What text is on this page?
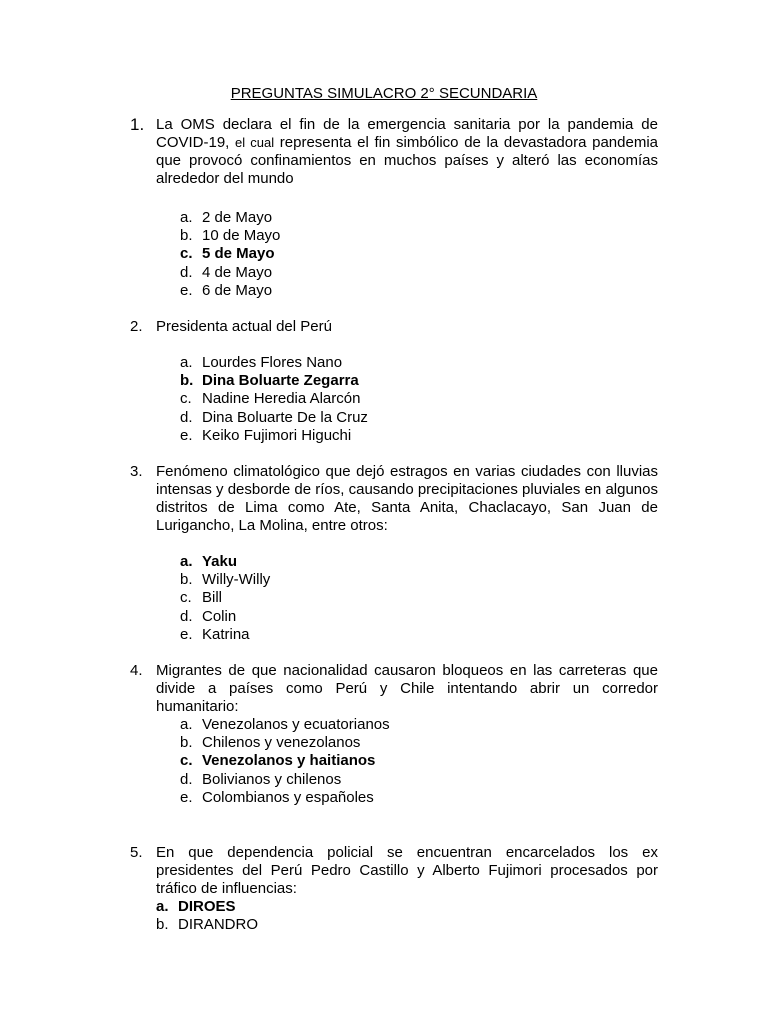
PREGUNTAS SIMULACRO 2° SECUNDARIA
1. La OMS declara el fin de la emergencia sanitaria por la pandemia de COVID-19, el cual representa el fin simbólico de la devastadora pandemia que provocó confinamientos en muchos países y alteró las economías alrededor del mundo
a. 2 de Mayo
b. 10 de Mayo
c. 5 de Mayo
d. 4 de Mayo
e. 6 de Mayo
2. Presidenta actual del Perú
a. Lourdes Flores Nano
b. Dina Boluarte Zegarra
c. Nadine Heredia Alarcón
d. Dina Boluarte De la Cruz
e. Keiko Fujimori Higuchi
3. Fenómeno climatológico que dejó estragos en varias ciudades con lluvias intensas y desborde de ríos, causando precipitaciones pluviales en algunos distritos de Lima como Ate, Santa Anita, Chaclacayo, San Juan de Lurigancho, La Molina, entre otros:
a. Yaku
b. Willy-Willy
c. Bill
d. Colin
e. Katrina
4. Migrantes de que nacionalidad causaron bloqueos en las carreteras que divide a países como Perú y Chile intentando abrir un corredor humanitario:
a. Venezolanos y ecuatorianos
b. Chilenos y venezolanos
c. Venezolanos y haitianos
d. Bolivianos y chilenos
e. Colombianos y españoles
5. En que dependencia policial se encuentran encarcelados los ex presidentes del Perú Pedro Castillo y Alberto Fujimori procesados por tráfico de influencias:
a. DIROES
b. DIRANDRO
